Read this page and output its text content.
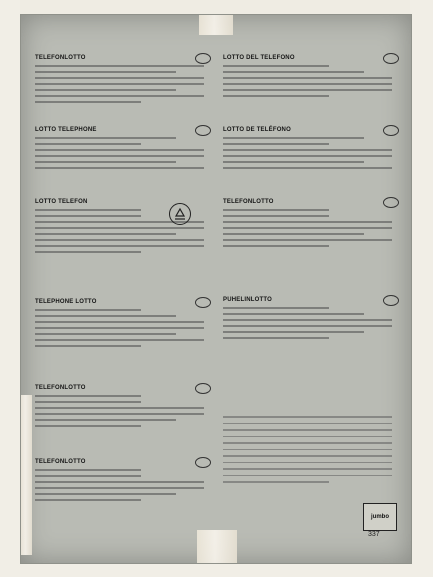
TELEFONLOTTO
LOTTO TELEPHONE
LOTTO TELEFON
TELEPHONE LOTTO
TELEFONLOTTO
TELEFONLOTTO
LOTTO DEL TELEFONO
LOTTO DE TELÉFONO
TELEFONLOTTO
PUHELINLOTTO
jumbo
337
